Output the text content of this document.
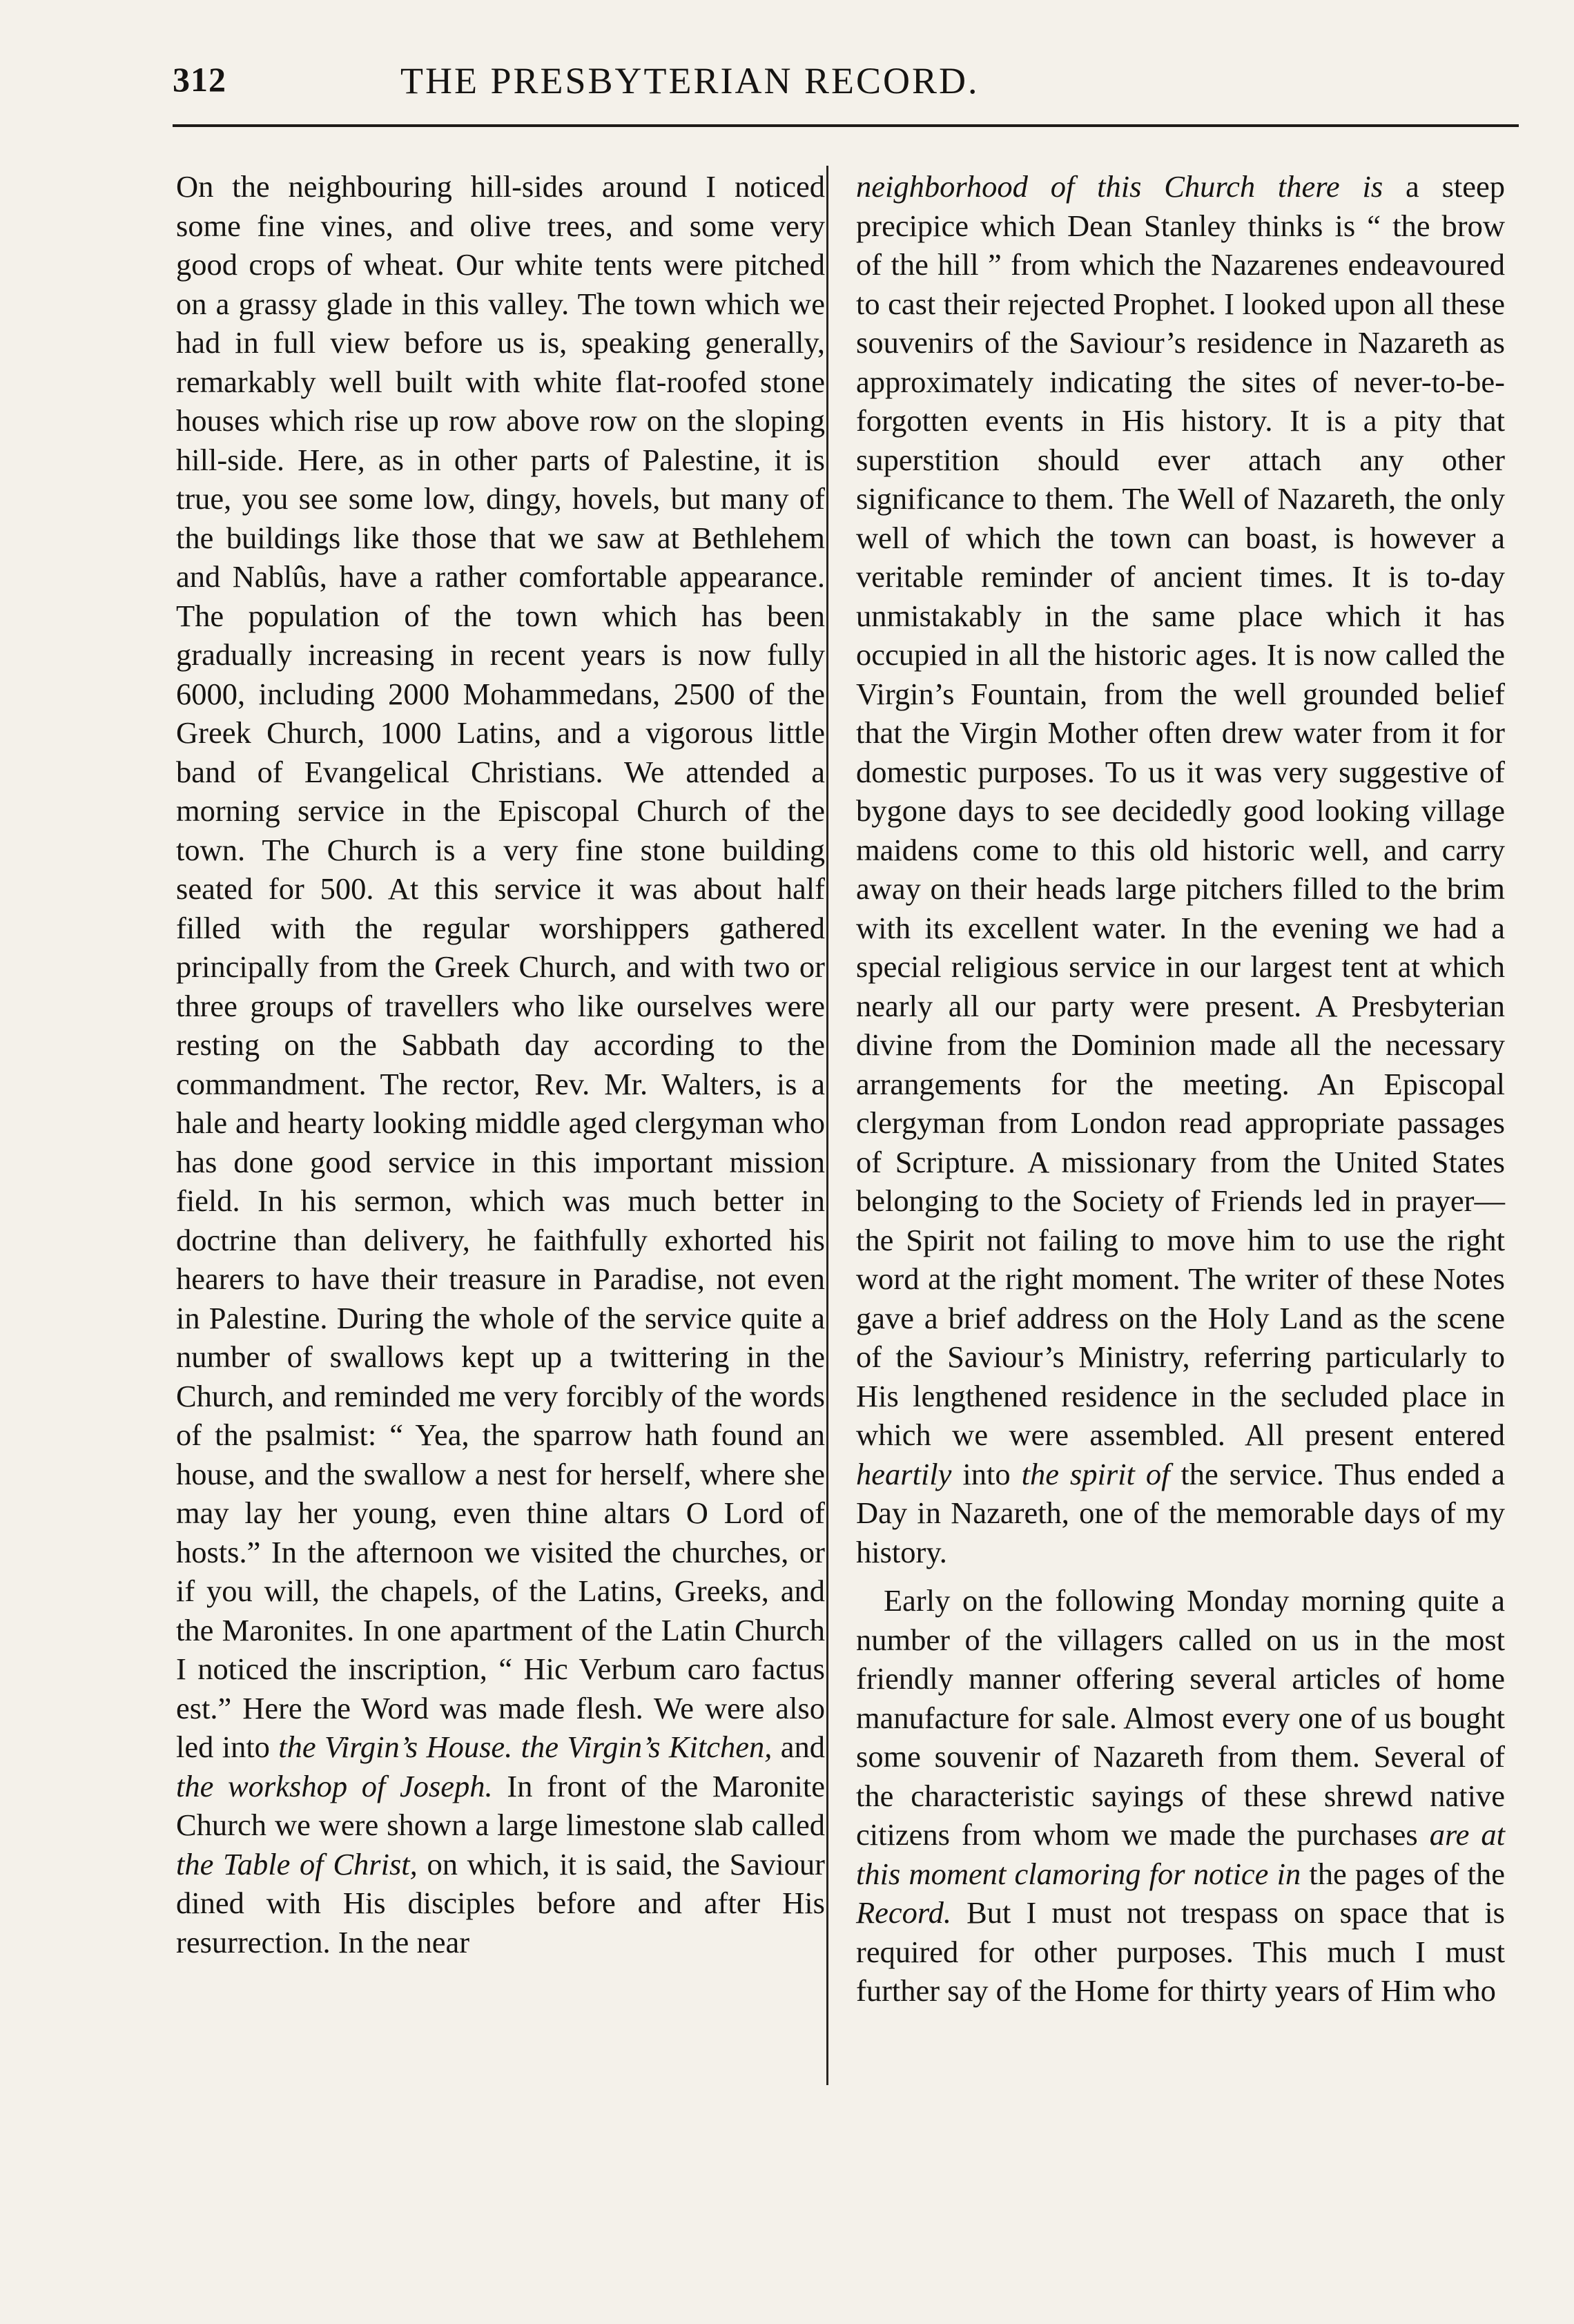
312	THE PRESBYTERIAN RECORD.

On the neighbouring hill-sides around I noticed some fine vines, and olive trees, and some very good crops of wheat. Our white tents were pitched on a grassy glade in this valley. The town which we had in full view before us is, speaking generally, remarkably well built with white flat-roofed stone houses which rise up row above row on the sloping hill-side. Here, as in other parts of Palestine, it is true, you see some low, dingy, hovels, but many of the buildings like those that we saw at Bethlehem and Nablûs, have a rather comfortable appearance. The population of the town which has been gradually increasing in recent years is now fully 6000, including 2000 Mohammedans, 2500 of the Greek Church, 1000 Latins, and a vigorous little band of Evangelical Christians. We attended a morning service in the Episcopal Church of the town. The Church is a very fine stone building seated for 500. At this service it was about half filled with the regular worshippers gathered principally from the Greek Church, and with two or three groups of travellers who like ourselves were resting on the Sabbath day according to the commandment. The rector, Rev. Mr. Walters, is a hale and hearty looking middle aged clergyman who has done good service in this important mission field. In his sermon, which was much better in doctrine than delivery, he faithfully exhorted his hearers to have their treasure in Paradise, not even in Palestine. During the whole of the service quite a number of swallows kept up a twittering in the Church, and reminded me very forcibly of the words of the psalmist: “ Yea, the sparrow hath found an house, and the swallow a nest for herself, where she may lay her young, even thine altars O Lord of hosts.” In the afternoon we visited the churches, or if you will, the chapels, of the Latins, Greeks, and the Maronites. In one apartment of the Latin Church I noticed the inscription, “ Hic Verbum caro factus est.” Here the Word was made flesh. We were also led into the Virgin’s House. the Virgin’s Kitchen, and the workshop of Joseph. In front of the Maronite Church we were shown a large limestone slab called the Table of Christ, on which, it is said, the Saviour dined with His disciples before and after His resurrection. In the near

neighborhood of this Church there is a steep precipice which Dean Stanley thinks is “ the brow of the hill ” from which the Nazarenes endeavoured to cast their rejected Prophet. I looked upon all these souvenirs of the Saviour’s residence in Nazareth as approximately indicating the sites of never-to-be-forgotten events in His history. It is a pity that superstition should ever attach any other significance to them. The Well of Nazareth, the only well of which the town can boast, is however a veritable reminder of ancient times. It is to-day unmistakably in the same place which it has occupied in all the historic ages. It is now called the Virgin’s Fountain, from the well grounded belief that the Virgin Mother often drew water from it for domestic purposes. To us it was very suggestive of bygone days to see decidedly good looking village maidens come to this old historic well, and carry away on their heads large pitchers filled to the brim with its excellent water. In the evening we had a special religious service in our largest tent at which nearly all our party were present. A Presbyterian divine from the Dominion made all the necessary arrangements for the meeting. An Episcopal clergyman from London read appropriate passages of Scripture. A missionary from the United States belonging to the Society of Friends led in prayer—the Spirit not failing to move him to use the right word at the right moment. The writer of these Notes gave a brief address on the Holy Land as the scene of the Saviour’s Ministry, referring particularly to His lengthened residence in the secluded place in which we were assembled. All present entered heartily into the spirit of the service. Thus ended a Day in Nazareth, one of the memorable days of my history.

Early on the following Monday morning quite a number of the villagers called on us in the most friendly manner offering several articles of home manufacture for sale. Almost every one of us bought some souvenir of Nazareth from them. Several of the characteristic sayings of these shrewd native citizens from whom we made the purchases are at this moment clamoring for notice in the pages of the Record. But I must not trespass on space that is required for other purposes. This much I must further say of the Home for thirty years of Him who
